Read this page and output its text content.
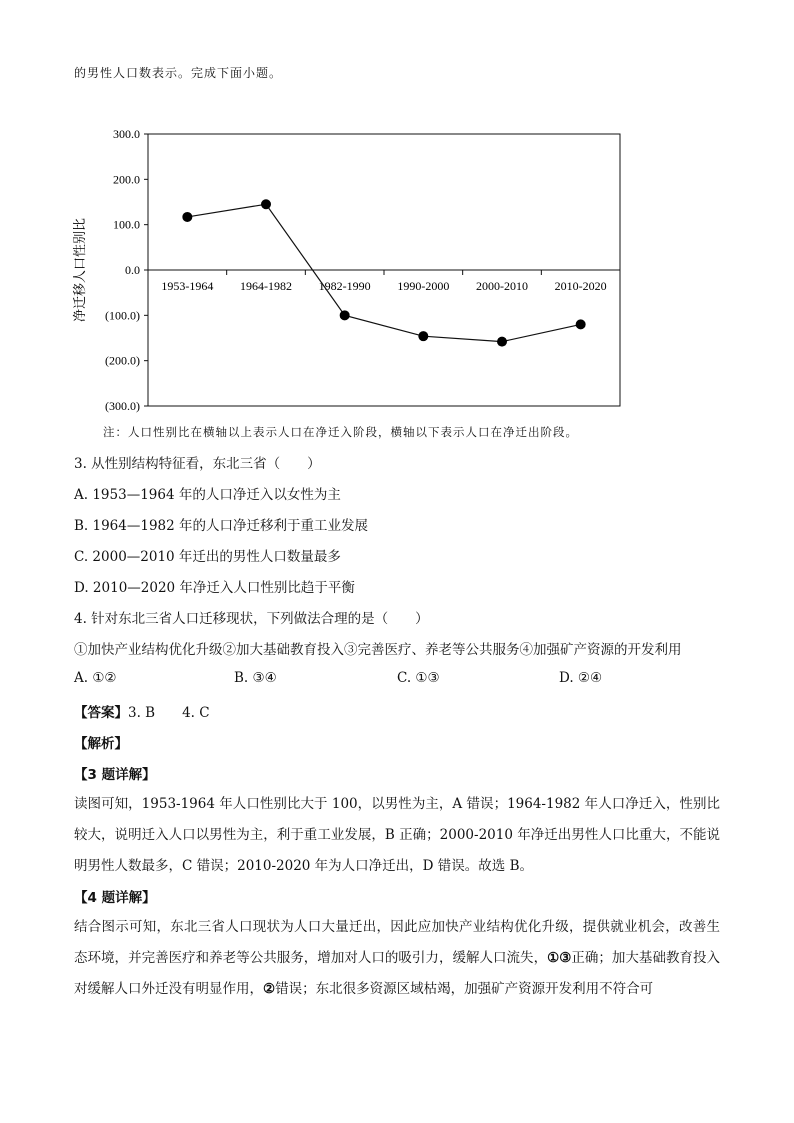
的男性人口数表示。完成下面小题。
300.0
200.0
100.0
0.0
(100.0)
(200.0)
(300.0)
1953-1964 1964-1982 1982-1990 1990-2000 2000-2010 2010-2020
净迁移人口性别比
注：人口性别比在横轴以上表示人口在净迁入阶段，横轴以下表示人口在净迁出阶段。
3. 从性别结构特征看，东北三省（　　）
A. 1953—1964 年的人口净迁入以女性为主
B. 1964—1982 年的人口净迁移利于重工业发展
C. 2000—2010 年迁出的男性人口数量最多
D. 2010—2020 年净迁入人口性别比趋于平衡
4. 针对东北三省人口迁移现状，下列做法合理的是（　　）
①加快产业结构优化升级②加大基础教育投入③完善医疗、养老等公共服务④加强矿产资源的开发利用
A. ①②	B. ③④	C. ①③	D. ②④
【答案】3. B　　4. C
【解析】
【3 题详解】
读图可知，1953-1964 年人口性别比大于 100，以男性为主，A 错误；1964-1982 年人口净迁入，性别比较大，说明迁入人口以男性为主，利于重工业发展，B 正确；2000-2010 年净迁出男性人口比重大，不能说明男性人数最多，C 错误；2010-2020 年为人口净迁出，D 错误。故选 B。
【4 题详解】
结合图示可知，东北三省人口现状为人口大量迁出，因此应加快产业结构优化升级，提供就业机会，改善生态环境，并完善医疗和养老等公共服务，增加对人口的吸引力，缓解人口流失，①③正确；加大基础教育投入对缓解人口外迁没有明显作用，②错误；东北很多资源区域枯竭，加强矿产资源开发利用不符合可
